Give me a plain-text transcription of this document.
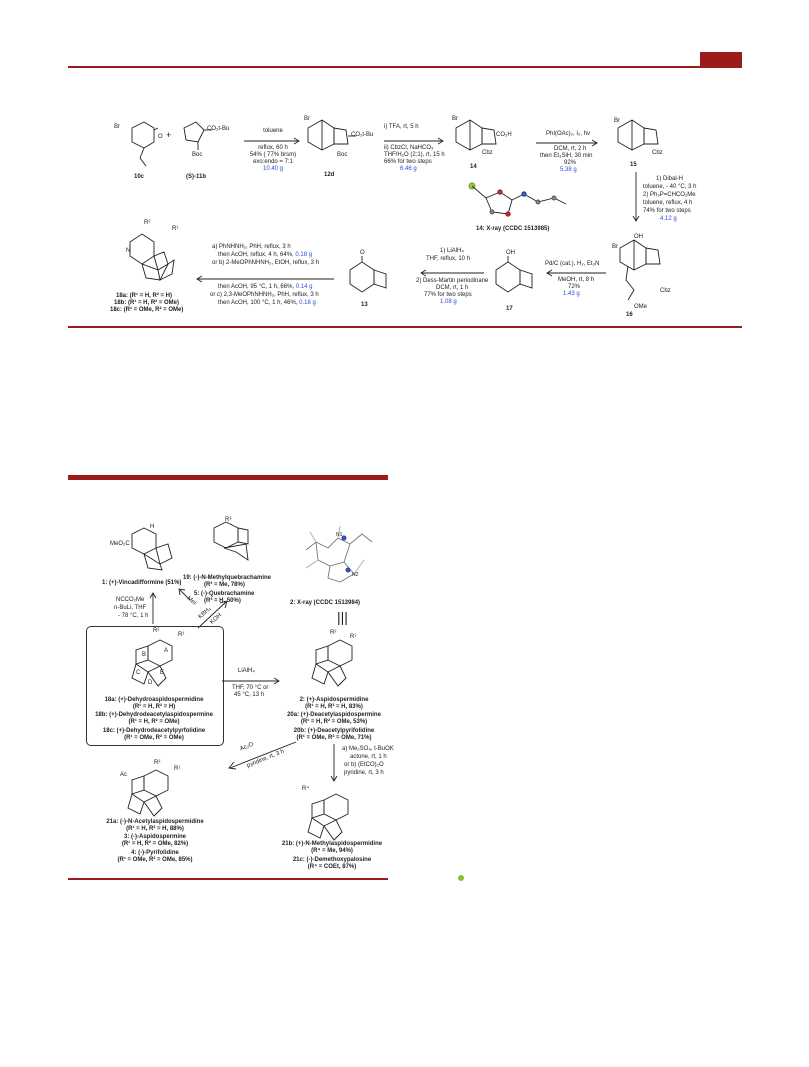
Br
O
10c
+
CO₂t-Bu
Boc
(S)-11b
toluene
reflux, 60 h
54% ( 77% brsm)
exo:endo = 7:1
10.40 g
Br
CO₂t-Bu
Boc
12d
i) TFA, rt, 5 h
ii) CbzCl, NaHCO₃
THF/H₂O (2:1), rt, 15 h
66% for two steps
6.46 g
Br
CO₂H
Cbz
14
14: X-ray (CCDC 1513985)
PhI(OAc)₂, I₂, hv
DCM, rt, 2 h
then Et₃SiH, 30 min
92%
5.38 g
Br
Cbz
15
1) Dibal-H
toluene, - 40 °C, 3 h
2) Ph₃P=CHCO₂Me
toluene, reflux, 4 h
74% for two steps
4.12 g
OH
Br
Cbz
OMe
16
Pd/C (cat.), H₂, Et₃N
MeOH, rt, 8 h
72%
1.43 g
OH
17
1) LiAlH₄
THF, reflux, 10 h
2) Dess-Martin periodinane
DCM, rt, 1 h
77% for two steps
1.08 g
O
13
a) PhNHNH₂, PhH, reflux, 3 h
then AcOH, reflux, 4 h, 64%, 0.18 g
or b) 2-MeOPhNHNH₂, EtOH, reflux, 3 h
then AcOH, 95 °C, 1 h, 66%, 0.14 g
or c) 2,3-MeOPhNHNH₂, PhH, reflux, 3 h
then AcOH, 100 °C, 1 h, 46%, 0.18 g
R²
R¹
N
18a: (R¹ = H, R² = H)
18b: (R¹ = H, R² = OMe)
18c: (R¹ = OMe, R² = OMe)
MeO₂C
H
1: (+)-Vincadifformine (51%)
NCCO₂Me
n-BuLi, THF
- 78 °C, 1 h
R³
19: (-)-N-Methylquebrachamine
(R³ = Me, 78%)
5: (-)-Quebrachamine
(R³ = H, 50%)
MeI
KBH₄
KOH
N1
N2
2: X-ray (CCDC 1513984)
|||
R²
R¹
A
B
C
D
E
18a: (+)-Dehydroaspidospermidine
(R¹ = H, R² = H)
18b: (+)-Dehydrodeacetylaspidospermine
(R¹ = H, R² = OMe)
18c: (+)-Dehydrodeacetylpyrfolidine
(R¹ = OMe, R² = OMe)
LiAlH₄
THF, 70 °C or
45 °C, 13 h
R²
R¹
2: (+)-Aspidospermidine
(R¹ = H, R² = H, 83%)
20a: (+)-Deacetylaspidospermine
(R¹ = H, R² = OMe, 53%)
20b: (+)-Deacetylpyrifolidine
(R¹ = OMe, R² = OMe, 71%)
Ac₂O
pyridine, rt, 3 h	a) Me₂SO₄, t-BuOK
actone, rt, 1 h
or b) (EtCO)₂O
pyridine, rt, 3 h
R²
R¹
Ac
21a: (-)-N-Acetylaspidospermidine
(R¹ = H, R² = H, 88%)
3: (-)-Aspidospermine
(R¹ = H, R² = OMe, 82%)
4: (-)-Pyrifolidine
(R¹ = OMe, R² = OMe, 85%)
R⁴
21b: (+)-N-Methylaspidospermidine
(R⁴ = Me, 94%)
21c: (-)-Demethoxypalosine
(R⁴ = COEt, 87%)
